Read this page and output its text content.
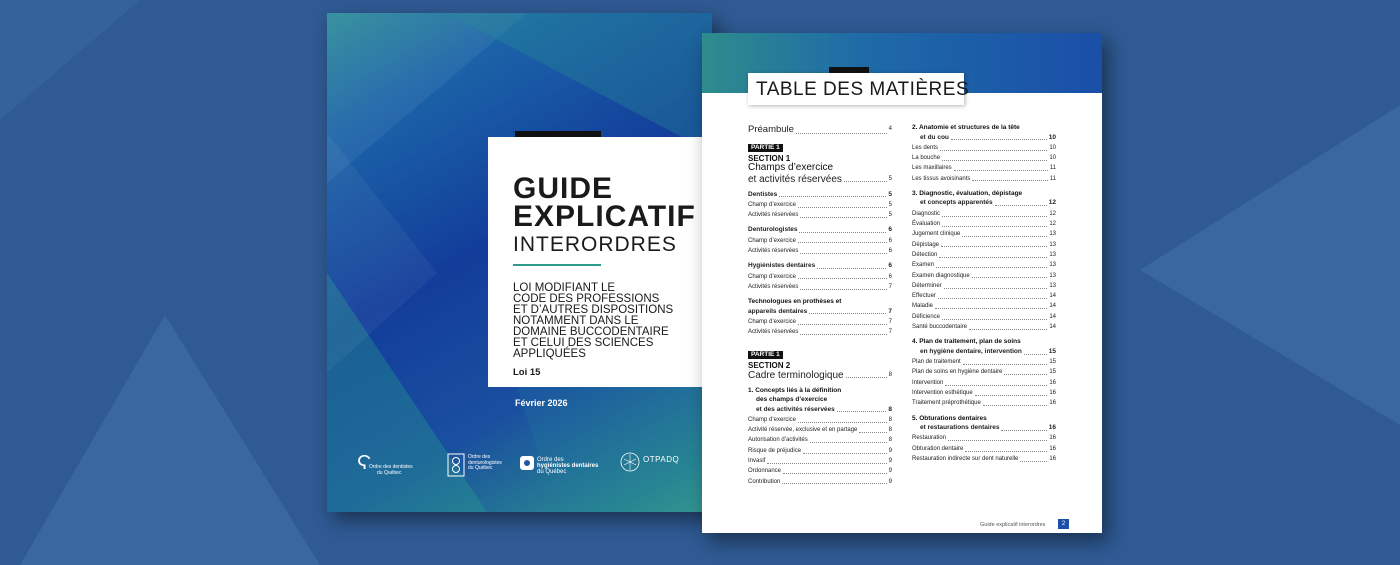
GUIDE
EXPLICATIF
INTERORDRES
LOI MODIFIANT LE
CODE DES PROFESSIONS
ET D’AUTRES DISPOSITIONS
NOTAMMENT DANS LE
DOMAINE BUCCODENTAIRE
ET CELUI DES SCIENCES
APPLIQUÉES
Loi 15
Février 2026
Ϛ
Ordre des dentistes
du Québec
Ordre des
denturologistes
du Québec
Ordre des
hygiénistes dentaires
du Québec
OTPADQ
TABLE DES MATIÈRES
Préambule	4
PARTIE 1
SECTION 1
Champs d’exercice
et activités réservées	5
Dentistes	5
Champ d’exercice	5
Activités réservées	5
Denturologistes	6
Champ d’exercice	6
Activités réservées	6
Hygiénistes dentaires	6
Champ d’exercice	6
Activités réservées	7
Technologues en prothèses et
appareils dentaires	7
Champ d’exercice	7
Activités réservées	7
PARTIE 1
SECTION 2
Cadre terminologique	8
1. Concepts liés à la définition
des champs d’exercice
et des activités réservées	8
Champ d’exercice	8
Activité réservée, exclusive et en partage	8
Autorisation d’activités	8
Risque de préjudice	9
Invasif	9
Ordonnance	9
Contribution	9
2. Anatomie et structures de la tête
et du cou	10
Les dents	10
La bouche	10
Les maxillaires	11
Les tissus avoisinants	11
3. Diagnostic, évaluation, dépistage
et concepts apparentés	12
Diagnostic	12
Évaluation	12
Jugement clinique	13
Dépistage	13
Détection	13
Examen	13
Examen diagnostique	13
Déterminer	13
Effectuer	14
Maladie	14
Déficience	14
Santé buccodentaire	14
4. Plan de traitement, plan de soins
en hygiène dentaire, intervention	15
Plan de traitement	15
Plan de soins en hygiène dentaire	15
Intervention	16
Intervention esthétique	16
Traitement préprothétique	16
5. Obturations dentaires
et restaurations dentaires	16
Restauration	16
Obturation dentaire	16
Restauration indirecte sur dent naturelle	16
Guide explicatif interordres	2
